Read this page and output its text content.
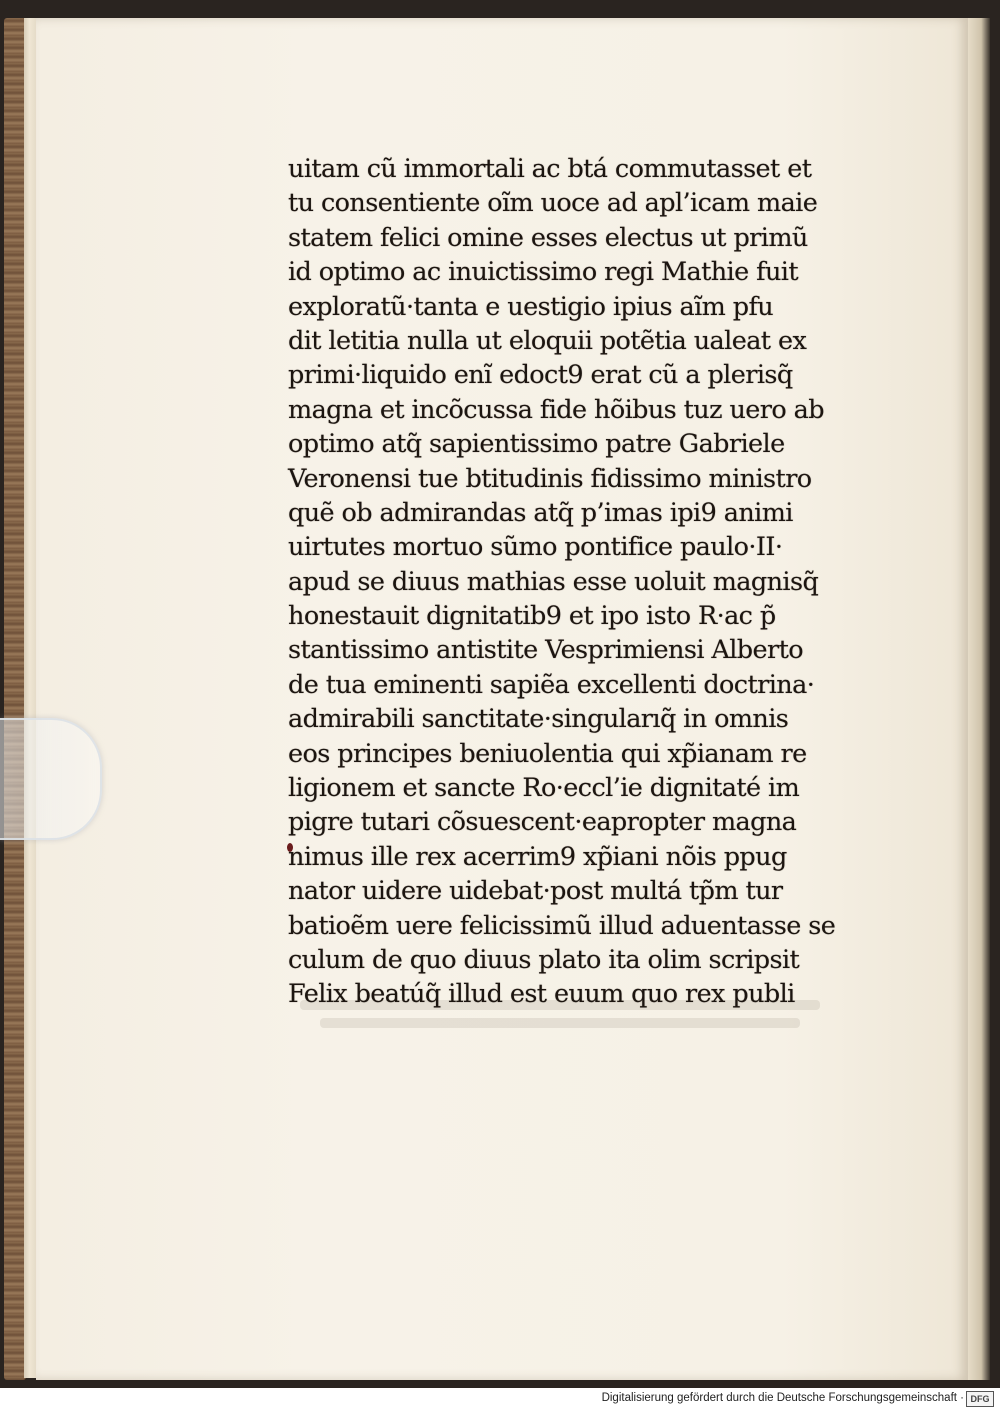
uitam cũ immortali ac btá commutasset et
tu consentiente oĩm uoce ad apl’icam maie
statem felici omine esses electus ut primũ
id optimo ac inuictissimo regi Mathie fuit
exploratũ·tanta e uestigio ipius aĩm pfu
dit letitia nulla ut eloquii potẽtia ualeat ex
primi·liquido enĩ edoct9 erat cũ a plerisq̃
magna et incõcussa fide hõibus tuz uero ab
optimo atq̃ sapientissimo patre Gabriele
Veronensi tue btitudinis fidissimo ministro
quẽ ob admirandas atq̃ p’imas ipi9 animi
uirtutes mortuo sũmo pontifice paulo·II·
apud se diuus mathias esse uoluit magnisq̃
honestauit dignitatib9 et ipo isto R·ac p̃
stantissimo antistite Vesprimiensi Alberto
de tua eminenti sapiẽa excellenti doctrina·
admirabili sanctitate·singularıq̃ in omnis
eos principes beniuolentia qui xp̃ianam re
ligionem et sancte Ro·eccl’ie dignitaté im
pigre tutari cõsuescent·eapropter magna
nimus ille rex acerrim9 xp̃iani nõis ppug
nator uidere uidebat·post multá tp̃m tur
batioẽm uere felicissimũ illud aduentasse se
culum de quo diuus plato ita olim scripsit
Felix beatúq̃ illud est euum quo rex publi
Digitalisierung gefördert durch die Deutsche Forschungsgemeinschaft · DFG
